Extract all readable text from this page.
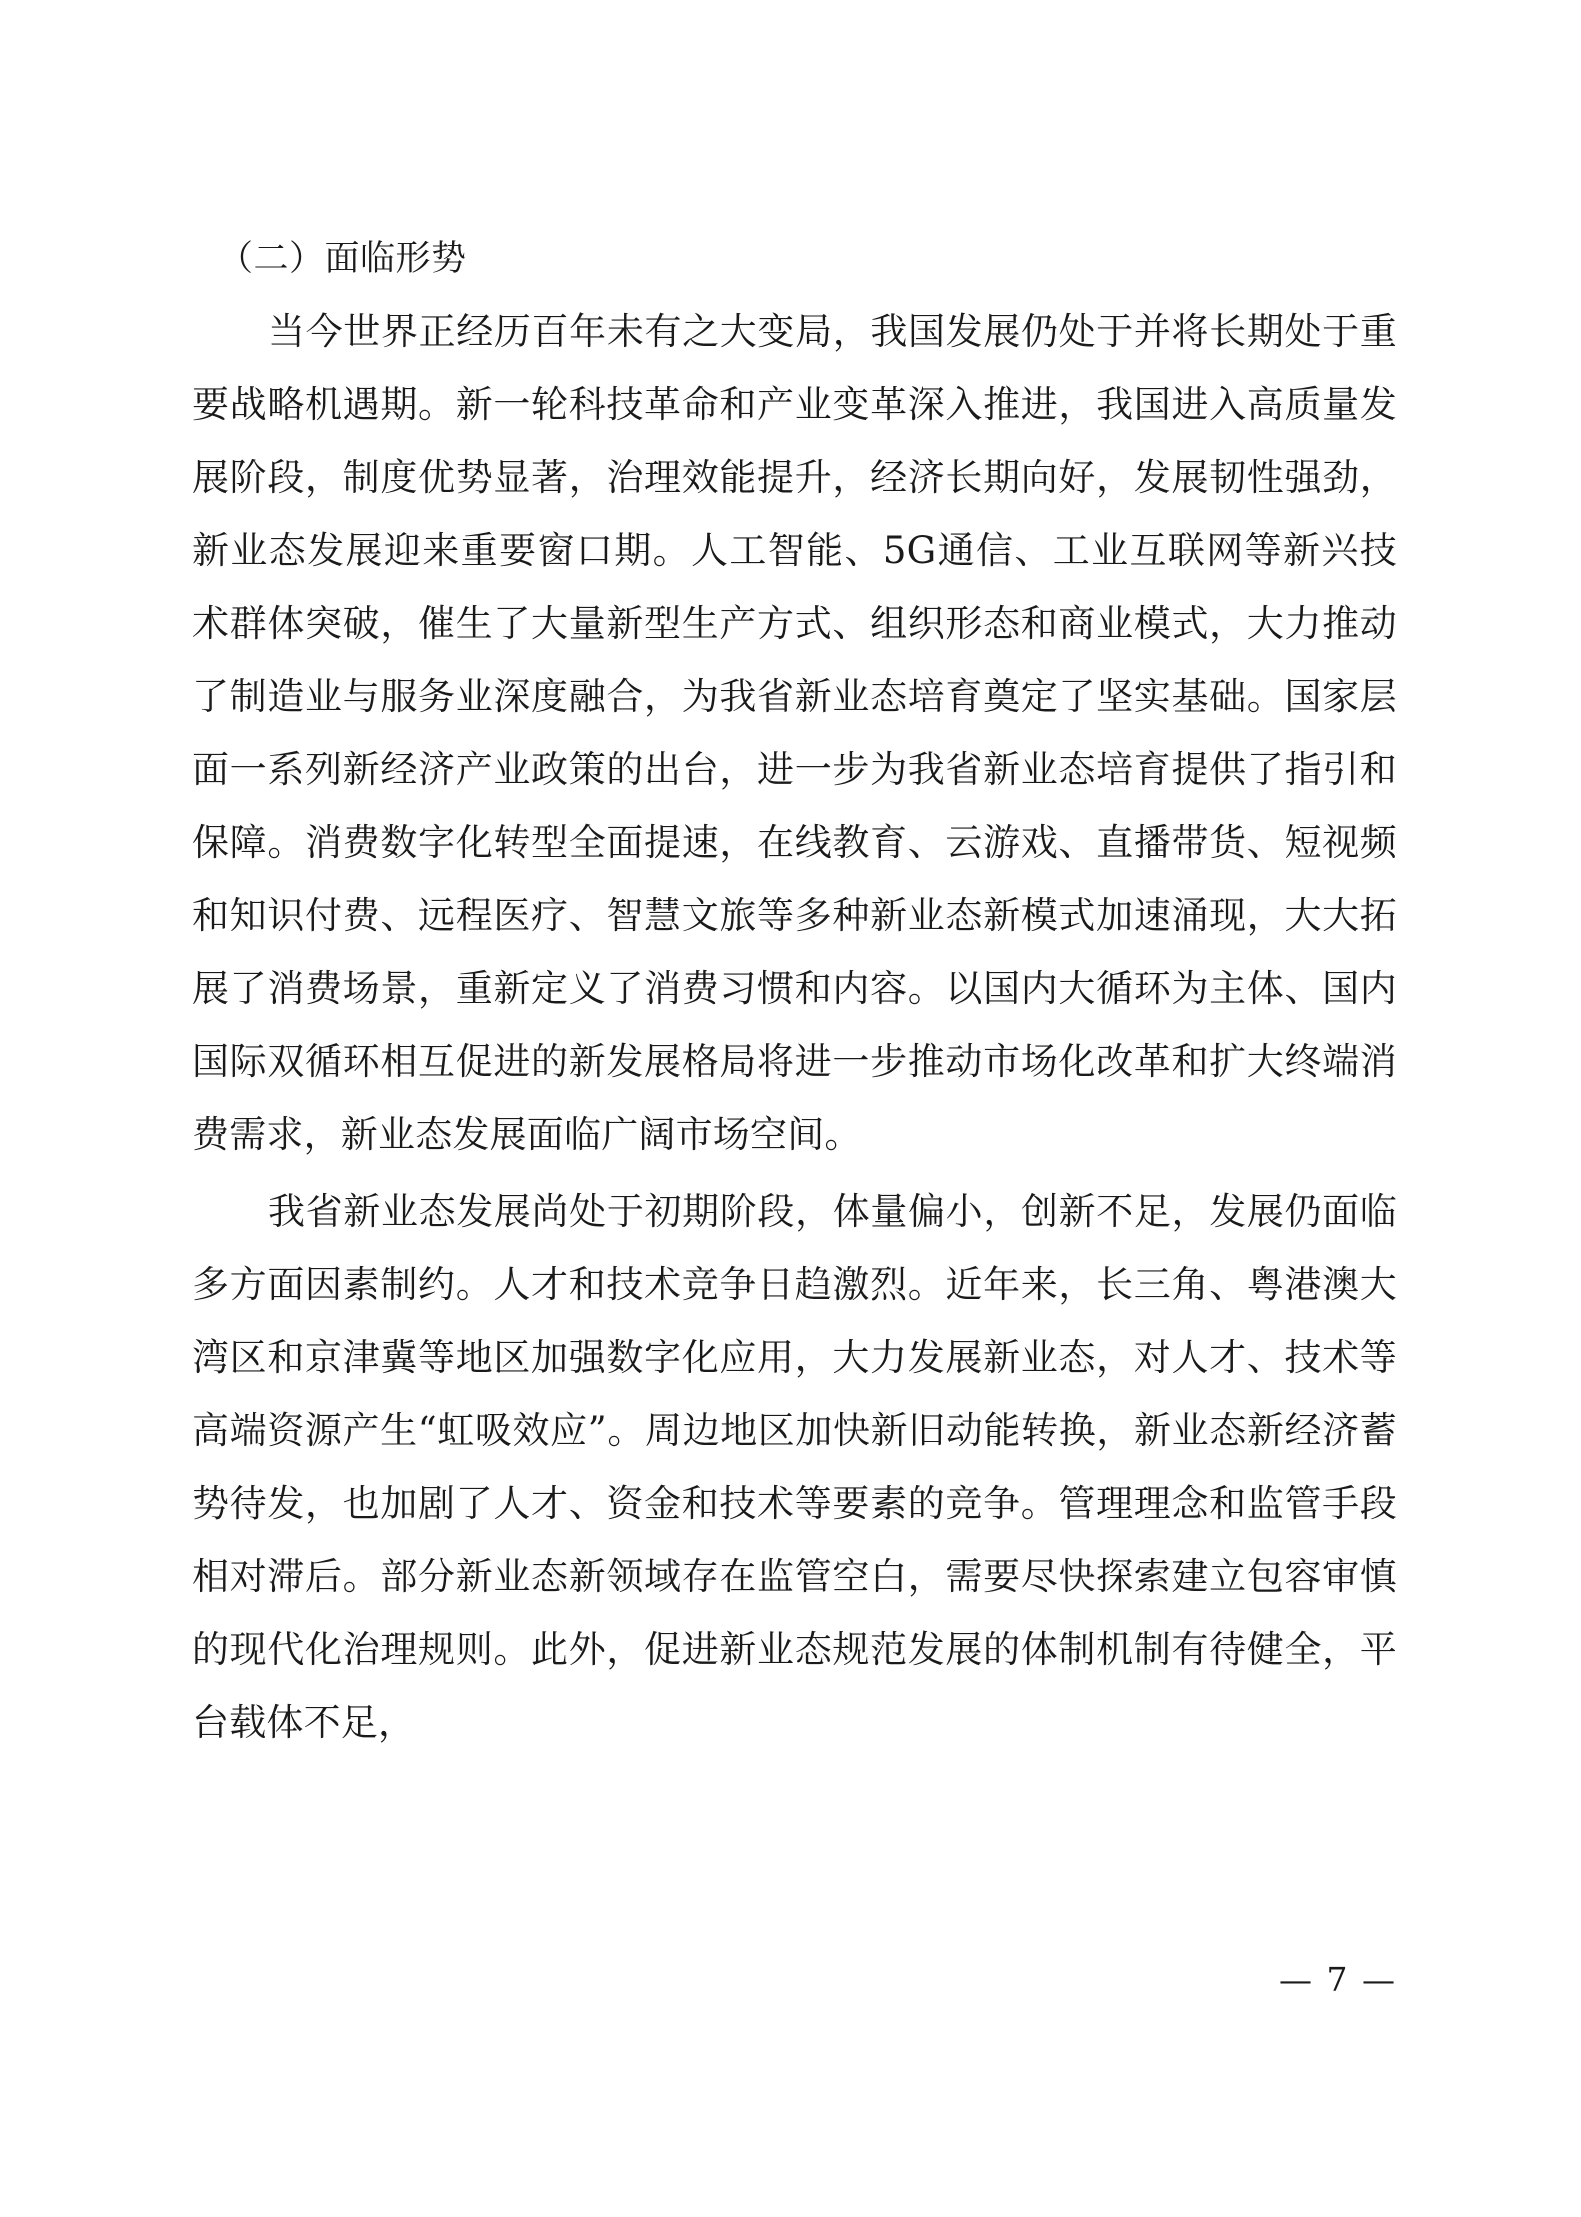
（二）面临形势

当今世界正经历百年未有之大变局，我国发展仍处于并将长期处于重要战略机遇期。新一轮科技革命和产业变革深入推进，我国进入高质量发展阶段，制度优势显著，治理效能提升，经济长期向好，发展韧性强劲，新业态发展迎来重要窗口期。人工智能、5G通信、工业互联网等新兴技术群体突破，催生了大量新型生产方式、组织形态和商业模式，大力推动了制造业与服务业深度融合，为我省新业态培育奠定了坚实基础。国家层面一系列新经济产业政策的出台，进一步为我省新业态培育提供了指引和保障。消费数字化转型全面提速，在线教育、云游戏、直播带货、短视频和知识付费、远程医疗、智慧文旅等多种新业态新模式加速涌现，大大拓展了消费场景，重新定义了消费习惯和内容。以国内大循环为主体、国内国际双循环相互促进的新发展格局将进一步推动市场化改革和扩大终端消费需求，新业态发展面临广阔市场空间。

我省新业态发展尚处于初期阶段，体量偏小，创新不足，发展仍面临多方面因素制约。人才和技术竞争日趋激烈。近年来，长三角、粤港澳大湾区和京津冀等地区加强数字化应用，大力发展新业态，对人才、技术等高端资源产生“虹吸效应”。周边地区加快新旧动能转换，新业态新经济蓄势待发，也加剧了人才、资金和技术等要素的竞争。管理理念和监管手段相对滞后。部分新业态新领域存在监管空白，需要尽快探索建立包容审慎的现代化治理规则。此外，促进新业态规范发展的体制机制有待健全，平台载体不足，

— 7 —
